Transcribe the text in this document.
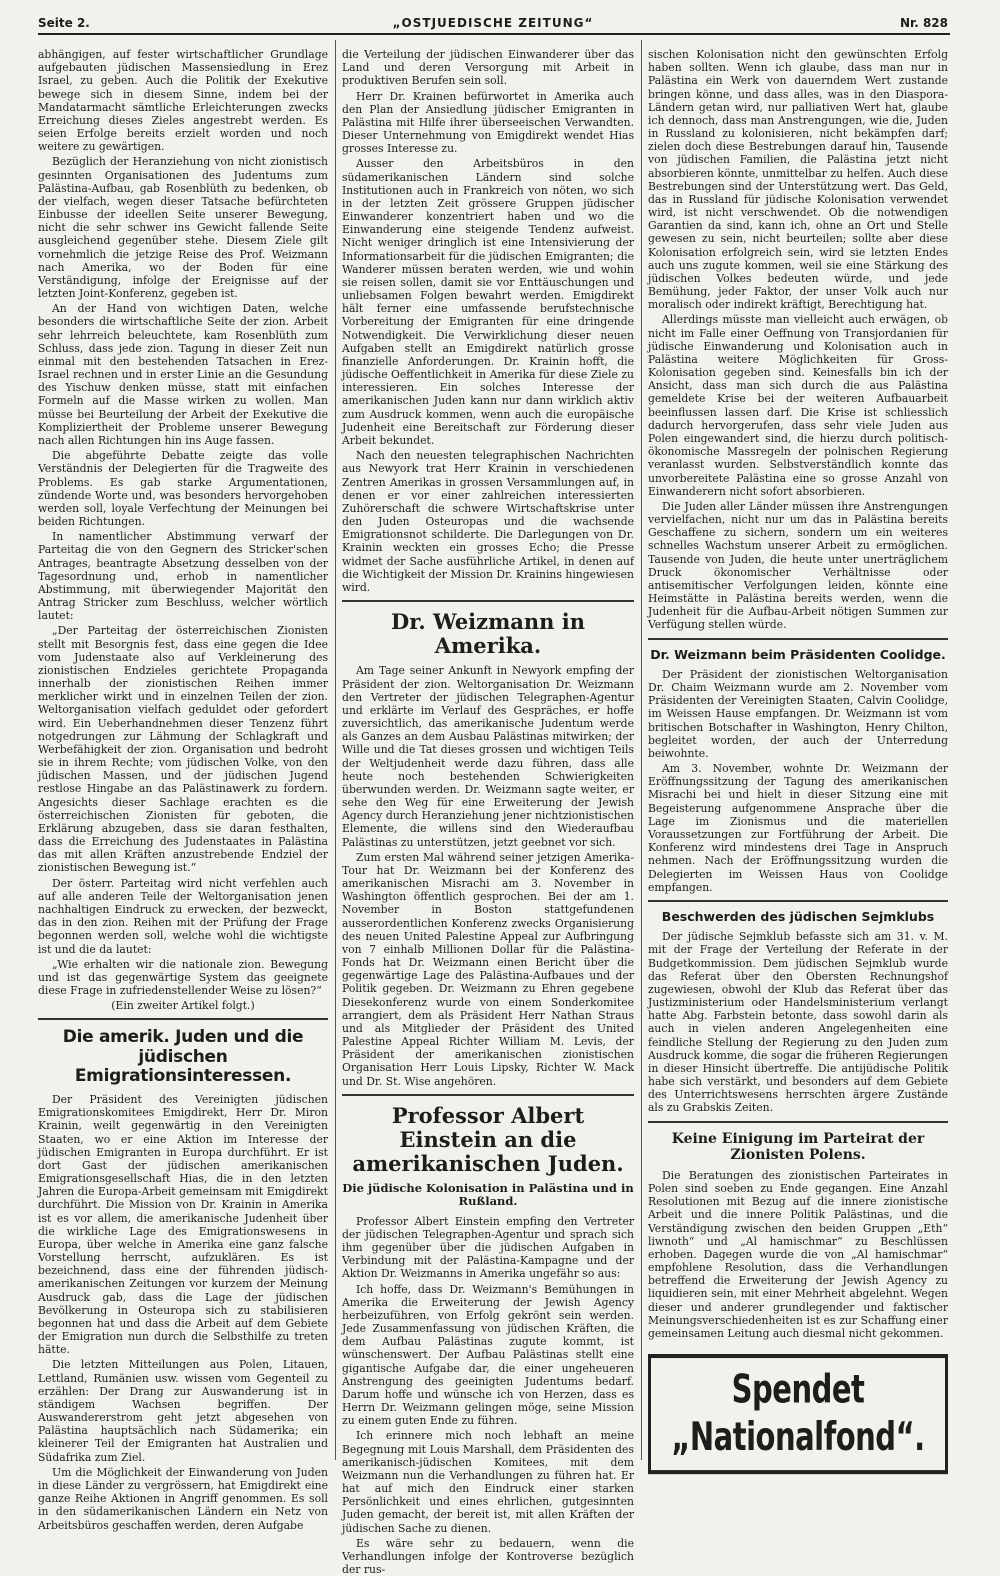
Seite 2.	„OSTJUEDISCHE ZEITUNG“	Nr. 828

abhängigen, auf fester wirtschaftlicher Grundlage aufgebauten jüdischen Massensiedlung in Erez Israel, zu geben. Auch die Politik der Exekutive bewege sich in diesem Sinne, indem bei der Mandatarmacht sämtliche Erleichterungen zwecks Erreichung dieses Zieles angestrebt werden. Es seien Erfolge bereits erzielt worden und noch weitere zu gewärtigen.

Bezüglich der Heranziehung von nicht zionistisch gesinnten Organisationen des Judentums zum Palästina-Aufbau, gab Rosenblüth zu bedenken, ob der vielfach, wegen dieser Tatsache befürchteten Einbusse der ideellen Seite unserer Bewegung, nicht die sehr schwer ins Gewicht fallende Seite ausgleichend gegenüber stehe. Diesem Ziele gilt vornehmlich die jetzige Reise des Prof. Weizmann nach Amerika, wo der Boden für eine Verständigung, infolge der Ereignisse auf der letzten Joint-Konferenz, gegeben ist.

An der Hand von wichtigen Daten, welche besonders die wirtschaftliche Seite der zion. Arbeit sehr lehrreich beleuchtete, kam Rosenblüth zum Schluss, dass jede zion. Tagung in dieser Zeit nun einmal mit den bestehenden Tatsachen in Erez-Israel rechnen und in erster Linie an die Gesundung des Yischuw denken müsse, statt mit einfachen Formeln auf die Masse wirken zu wollen. Man müsse bei Beurteilung der Arbeit der Exekutive die Kompliziertheit der Probleme unserer Bewegung nach allen Richtungen hin ins Auge fassen.

Die abgeführte Debatte zeigte das volle Verständnis der Delegierten für die Tragweite des Problems. Es gab starke Argumentationen, zündende Worte und, was besonders hervorgehoben werden soll, loyale Verfechtung der Meinungen bei beiden Richtungen.

In namentlicher Abstimmung verwarf der Parteitag die von den Gegnern des Stricker'schen Antrages, beantragte Absetzung desselben von der Tagesordnung und, erhob in namentlicher Abstimmung, mit überwiegender Majorität den Antrag Stricker zum Beschluss, welcher wörtlich lautet:

„Der Parteitag der österreichischen Zionisten stellt mit Besorgnis fest, dass eine gegen die Idee vom Judenstaate also auf Verkleinerung des zionistischen Endzieles gerichtete Propaganda innerhalb der zionistischen Reihen immer merklicher wirkt und in einzelnen Teilen der zion. Weltorganisation vielfach geduldet oder gefordert wird. Ein Ueberhandnehmen dieser Tenzenz führt notgedrungen zur Lähmung der Schlagkraft und Werbefähigkeit der zion. Organisation und bedroht sie in ihrem Rechte; vom jüdischen Volke, von den jüdischen Massen, und der jüdischen Jugend restlose Hingabe an das Palästinawerk zu fordern. Angesichts dieser Sachlage erachten es die österreichischen Zionisten für geboten, die Erklärung abzugeben, dass sie daran festhalten, dass die Erreichung des Judenstaates in Palästina das mit allen Kräften anzustrebende Endziel der zionistischen Bewegung ist.“

Der österr. Parteitag wird nicht verfehlen auch auf alle anderen Teile der Weltorganisation jenen nachhaltigen Eindruck zu erwecken, der bezweckt, das in den zion. Reihen mit der Prüfung der Frage begonnen werden soll, welche wohl die wichtigste ist und die da lautet:

„Wie erhalten wir die nationale zion. Bewegung und ist das gegenwärtige System das geeignete diese Frage in zufriedenstellender Weise zu lösen?“

(Ein zweiter Artikel folgt.)

Die amerik. Juden und die jüdischen Emigrationsinteressen.

Der Präsident des Vereinigten jüdischen Emigrationskomitees Emigdirekt, Herr Dr. Miron Krainin, weilt gegenwärtig in den Vereinigten Staaten, wo er eine Aktion im Interesse der jüdischen Emigranten in Europa durchführt. Er ist dort Gast der jüdischen amerikanischen Emigrationsgesellschaft Hias, die in den letzten Jahren die Europa-Arbeit gemeinsam mit Emigdirekt durchführt. Die Mission von Dr. Krainin in Amerika ist es vor allem, die amerikanische Judenheit über die wirkliche Lage des Emigrationswesens in Europa, über welche in Amerika eine ganz falsche Vorstellung herrscht, aufzuklären. Es ist bezeichnend, dass eine der führenden jüdisch-amerikanischen Zeitungen vor kurzem der Meinung Ausdruck gab, dass die Lage der jüdischen Bevölkerung in Osteuropa sich zu stabilisieren begonnen hat und dass die Arbeit auf dem Gebiete der Emigration nun durch die Selbsthilfe zu treten hätte.

Die letzten Mitteilungen aus Polen, Litauen, Lettland, Rumänien usw. wissen vom Gegenteil zu erzählen: Der Drang zur Auswanderung ist in ständigem Wachsen begriffen. Der Auswandererstrom geht jetzt abgesehen von Palästina hauptsächlich nach Südamerika; ein kleinerer Teil der Emigranten hat Australien und Südafrika zum Ziel.

Um die Möglichkeit der Einwanderung von Juden in diese Länder zu vergrössern, hat Emigdirekt eine ganze Reihe Aktionen in Angriff genommen. Es soll in den südamerikanischen Ländern ein Netz von Arbeitsbüros geschaffen werden, deren Aufgabe

die Verteilung der jüdischen Einwanderer über das Land und deren Versorgung mit Arbeit in produktiven Berufen sein soll.

Herr Dr. Krainen befürwortet in Amerika auch den Plan der Ansiedlung jüdischer Emigranten in Palästina mit Hilfe ihrer überseeischen Verwandten. Dieser Unternehmung von Emigdirekt wendet Hias grosses Interesse zu.

Ausser den Arbeitsbüros in den südamerikanischen Ländern sind solche Institutionen auch in Frankreich von nöten, wo sich in der letzten Zeit grössere Gruppen jüdischer Einwanderer konzentriert haben und wo die Einwanderung eine steigende Tendenz aufweist. Nicht weniger dringlich ist eine Intensivierung der Informationsarbeit für die jüdischen Emigranten; die Wanderer müssen beraten werden, wie und wohin sie reisen sollen, damit sie vor Enttäuschungen und unliebsamen Folgen bewahrt werden. Emigdirekt hält ferner eine umfassende berufstechnische Vorbereitung der Emigranten für eine dringende Notwendigkeit. Die Verwirklichung dieser neuen Aufgaben stellt an Emigdirekt natürlich grosse finanzielle Anforderungen. Dr. Krainin hofft, die jüdische Oeffentlichkeit in Amerika für diese Ziele zu interessieren. Ein solches Interesse der amerikanischen Juden kann nur dann wirklich aktiv zum Ausdruck kommen, wenn auch die europäische Judenheit eine Bereitschaft zur Förderung dieser Arbeit bekundet.

Nach den neuesten telegraphischen Nachrichten aus Newyork trat Herr Krainin in verschiedenen Zentren Amerikas in grossen Versammlungen auf, in denen er vor einer zahlreichen interessierten Zuhörerschaft die schwere Wirtschaftskrise unter den Juden Osteuropas und die wachsende Emigrationsnot schilderte. Die Darlegungen von Dr. Krainin weckten ein grosses Echo; die Presse widmet der Sache ausführliche Artikel, in denen auf die Wichtigkeit der Mission Dr. Krainins hingewiesen wird.

Dr. Weizmann in Amerika.

Am Tage seiner Ankunft in Newyork empfing der Präsident der zion. Weltorganisation Dr. Weizmann den Vertreter der jüdischen Telegraphen-Agentur und erklärte im Verlauf des Gespräches, er hoffe zuversichtlich, das amerikanische Judentum werde als Ganzes an dem Ausbau Palästinas mitwirken; der Wille und die Tat dieses grossen und wichtigen Teils der Weltjudenheit werde dazu führen, dass alle heute noch bestehenden Schwierigkeiten überwunden werden. Dr. Weizmann sagte weiter, er sehe den Weg für eine Erweiterung der Jewish Agency durch Heranziehung jener nichtzionistischen Elemente, die willens sind den Wiederaufbau Palästinas zu unterstützen, jetzt geebnet vor sich.

Zum ersten Mal während seiner jetzigen Amerika-Tour hat Dr. Weizmann bei der Konferenz des amerikanischen Misrachi am 3. November in Washington öffentlich gesprochen. Bei der am 1. November in Boston stattgefundenen ausserordentlichen Konferenz zwecks Organisierung des neuen United Palestine Appeal zur Aufbringung von 7 einhalb Millionen Dollar für die Palästina-Fonds hat Dr. Weizmann einen Bericht über die gegenwärtige Lage des Palästina-Aufbaues und der Politik gegeben. Dr. Weizmann zu Ehren gegebene Diesekonferenz wurde von einem Sonderkomitee arrangiert, dem als Präsident Herr Nathan Straus und als Mitglieder der Präsident des United Palestine Appeal Richter William M. Levis, der Präsident der amerikanischen zionistischen Organisation Herr Louis Lipsky, Richter W. Mack und Dr. St. Wise angehören.

Professor Albert Einstein an die amerikanischen Juden.
Die jüdische Kolonisation in Palästina und in Rußland.

Professor Albert Einstein empfing den Vertreter der jüdischen Telegraphen-Agentur und sprach sich ihm gegenüber über die jüdischen Aufgaben in Verbindung mit der Palästina-Kampagne und der Aktion Dr. Weizmanns in Amerika ungefähr so aus:

Ich hoffe, dass Dr. Weizmann's Bemühungen in Amerika die Erweiterung der Jewish Agency herbeizuführen, von Erfolg gekrönt sein werden. Jede Zusammenfassung von jüdischen Kräften, die dem Aufbau Palästinas zugute kommt, ist wünschenswert. Der Aufbau Palästinas stellt eine gigantische Aufgabe dar, die einer ungeheueren Anstrengung des geeinigten Judentums bedarf. Darum hoffe und wünsche ich von Herzen, dass es Herrn Dr. Weizmann gelingen möge, seine Mission zu einem guten Ende zu führen.

Ich erinnere mich noch lebhaft an meine Begegnung mit Louis Marshall, dem Präsidenten des amerikanisch-jüdischen Komitees, mit dem Weizmann nun die Verhandlungen zu führen hat. Er hat auf mich den Eindruck einer starken Persönlichkeit und eines ehrlichen, gutgesinnten Juden gemacht, der bereit ist, mit allen Kräften der jüdischen Sache zu dienen.

Es wäre sehr zu bedauern, wenn die Verhandlungen infolge der Kontroverse bezüglich der rus-

sischen Kolonisation nicht den gewünschten Erfolg haben sollten. Wenn ich glaube, dass man nur in Palästina ein Werk von dauerndem Wert zustande bringen könne, und dass alles, was in den Diaspora-Ländern getan wird, nur palliativen Wert hat, glaube ich dennoch, dass man Anstrengungen, wie die, Juden in Russland zu kolonisieren, nicht bekämpfen darf; zielen doch diese Bestrebungen darauf hin, Tausende von jüdischen Familien, die Palästina jetzt nicht absorbieren könnte, unmittelbar zu helfen. Auch diese Bestrebungen sind der Unterstützung wert. Das Geld, das in Russland für jüdische Kolonisation verwendet wird, ist nicht verschwendet. Ob die notwendigen Garantien da sind, kann ich, ohne an Ort und Stelle gewesen zu sein, nicht beurteilen; sollte aber diese Kolonisation erfolgreich sein, wird sie letzten Endes auch uns zugute kommen, weil sie eine Stärkung des jüdischen Volkes bedeuten würde, und jede Bemühung, jeder Faktor, der unser Volk auch nur moralisch oder indirekt kräftigt, Berechtigung hat.

Allerdings müsste man vielleicht auch erwägen, ob nicht im Falle einer Oeffnung von Transjordanien für jüdische Einwanderung und Kolonisation auch in Palästina weitere Möglichkeiten für Gross-Kolonisation gegeben sind. Keinesfalls bin ich der Ansicht, dass man sich durch die aus Palästina gemeldete Krise bei der weiteren Aufbauarbeit beeinflussen lassen darf. Die Krise ist schliesslich dadurch hervorgerufen, dass sehr viele Juden aus Polen eingewandert sind, die hierzu durch politisch-ökonomische Massregeln der polnischen Regierung veranlasst wurden. Selbstverständlich konnte das unvorbereitete Palästina eine so grosse Anzahl von Einwanderern nicht sofort absorbieren.

Die Juden aller Länder müssen ihre Anstrengungen vervielfachen, nicht nur um das in Palästina bereits Geschaffene zu sichern, sondern um ein weiteres schnelles Wachstum unserer Arbeit zu ermöglichen. Tausende von Juden, die heute unter unerträglichem Druck ökonomischer Verhältnisse oder antisemitischer Verfolgungen leiden, könnte eine Heimstätte in Palästina bereits werden, wenn die Judenheit für die Aufbau-Arbeit nötigen Summen zur Verfügung stellen würde.

Dr. Weizmann beim Präsidenten Coolidge.

Der Präsident der zionistischen Weltorganisation Dr. Chaim Weizmann wurde am 2. November vom Präsidenten der Vereinigten Staaten, Calvin Coolidge, im Weissen Hause empfangen. Dr. Weizmann ist vom britischen Botschafter in Washington, Henry Chilton, begleitet worden, der auch der Unterredung beiwohnte.

Am 3. November, wohnte Dr. Weizmann der Eröffnungssitzung der Tagung des amerikanischen Misrachi bei und hielt in dieser Sitzung eine mit Begeisterung aufgenommene Ansprache über die Lage im Zionismus und die materiellen Voraussetzungen zur Fortführung der Arbeit. Die Konferenz wird mindestens drei Tage in Anspruch nehmen. Nach der Eröffnungssitzung wurden die Delegierten im Weissen Haus von Coolidge empfangen.

Beschwerden des jüdischen Sejmklubs

Der jüdische Sejmklub befasste sich am 31. v. M. mit der Frage der Verteilung der Referate in der Budgetkommission. Dem jüdischen Sejmklub wurde das Referat über den Obersten Rechnungshof zugewiesen, obwohl der Klub das Referat über das Justizministerium oder Handelsministerium verlangt hatte Abg. Farbstein betonte, dass sowohl darin als auch in vielen anderen Angelegenheiten eine feindliche Stellung der Regierung zu den Juden zum Ausdruck komme, die sogar die früheren Regierungen in dieser Hinsicht übertreffe. Die antijüdische Politik habe sich verstärkt, und besonders auf dem Gebiete des Unterrichtswesens herrschten ärgere Zustände als zu Grabskis Zeiten.

Keine Einigung im Parteirat der Zionisten Polens.

Die Beratungen des zionistischen Parteirates in Polen sind soeben zu Ende gegangen. Eine Anzahl Resolutionen mit Bezug auf die innere zionistische Arbeit und die innere Politik Palästinas, und die Verständigung zwischen den beiden Gruppen „Eth“ liwnoth“ und „Al hamischmar“ zu Beschlüssen erhoben. Dagegen wurde die von „Al hamischmar“ empfohlene Resolution, dass die Verhandlungen betreffend die Erweiterung der Jewish Agency zu liquidieren sein, mit einer Mehrheit abgelehnt. Wegen dieser und anderer grundlegender und faktischer Meinungsverschiedenheiten ist es zur Schaffung einer gemeinsamen Leitung auch diesmal nicht gekommen.

Spendet „Nationalfond“.
